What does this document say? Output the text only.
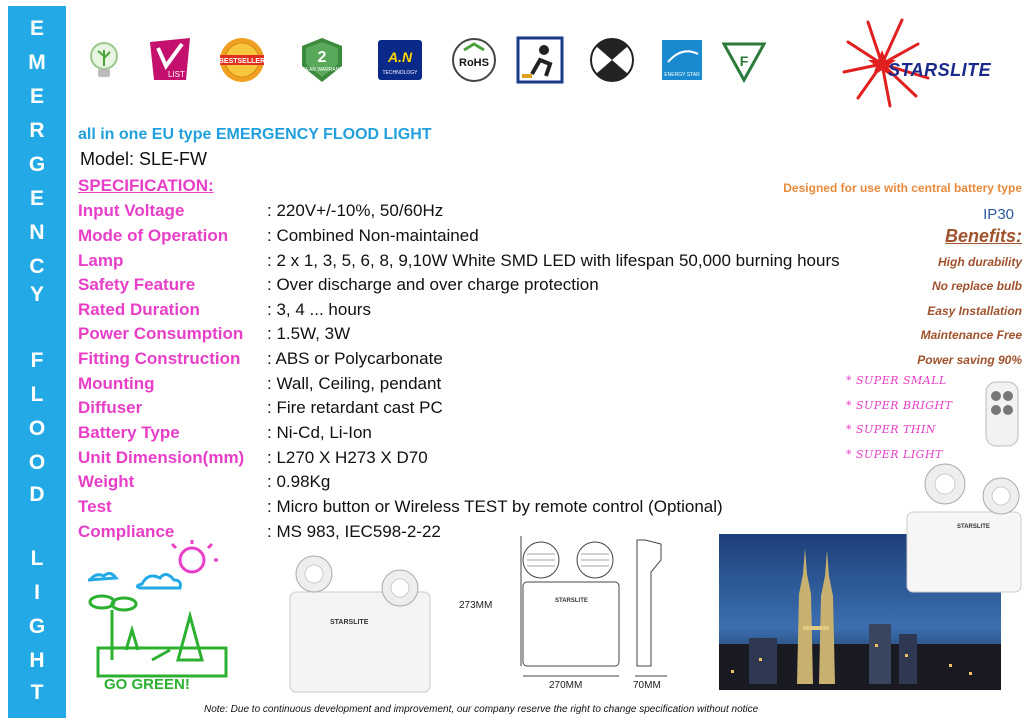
E
M
E
R
G
E
N
C
Y
F
L
O
O
D
L
I
G
H
T
LIST
BESTSELLER	2
2 YEAR WARRANTY
A.N
TECHNOLOGY
RoHS
ENERGY STAR
F	STARSLITE
all in one EU type EMERGENCY FLOOD LIGHT
Model: SLE-FW
SPECIFICATION:
Input Voltage	: 220V+/-10%, 50/60Hz
Mode of Operation : Combined Non-maintained
Lamp	: 2 x 1, 3, 5, 6, 8, 9,10W White SMD LED with lifespan 50,000 burning hours
Safety Feature	: Over discharge and over charge protection
Rated Duration	: 3, 4 ... hours
Power Consumption : 1.5W, 3W
Fitting Construction : ABS or Polycarbonate
Mounting	: Wall, Ceiling, pendant
Diffuser	: Fire retardant cast PC
Battery Type	: Ni-Cd, Li-Ion
Unit Dimension(mm) : L270 X H273 X D70
Weight	: 0.98Kg
Test	: Micro button or Wireless TEST by remote control (Optional)
Compliance	: MS 983, IEC598-2-22
Designed for use with central battery type
IP30
Benefits:
High durability
No replace bulb
Easy Installation
Maintenance Free
Power saving 90%
* SUPER SMALL
* SUPER BRIGHT
* SUPER THIN
* SUPER LIGHT
GO GREEN!
STARSLITE
STARSLITE
273MM
270MM	70MM
STARSLITE
Note: Due to continuous development and improvement, our company reserve the right to change specification without notice
